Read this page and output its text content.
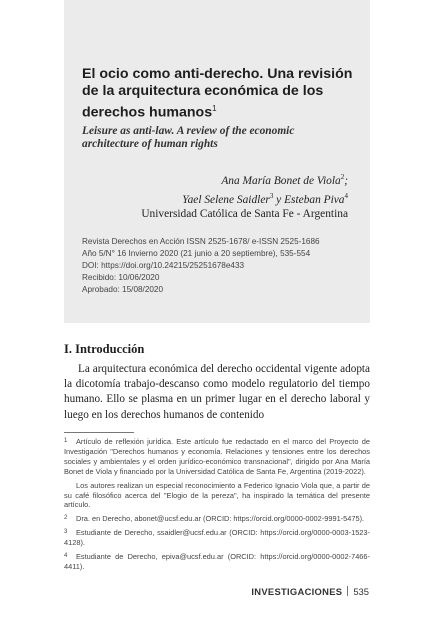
El ocio como anti-derecho. Una revisión de la arquitectura económica de los derechos humanos$^1$

Leisure as anti-law. A review of the economic architecture of human rights

Ana María Bonet de Viola$^2$;
Yael Selene Saidler$^3$ y Esteban Piva$^4$
Universidad Católica de Santa Fe - Argentina
Revista Derechos en Acción ISSN 2525-1678/ e-ISSN 2525-1686
Año 5/N° 16 Invierno 2020 (21 junio a 20 septiembre), 535-554
DOI: https://doi.org/10.24215/25251678e433
Recibido: 10/06/2020
Aprobado: 15/08/2020
I. Introducción

La arquitectura económica del derecho occidental vigente adopta la dicotomía trabajo-descanso como modelo regulatorio del tiempo humano. Ello se plasma en un primer lugar en el derecho laboral y luego en los derechos humanos de contenido

1 Artículo de reflexión jurídica. Este artículo fue redactado en el marco del Proyecto de Investigación "Derechos humanos y economía. Relaciones y tensiones entre los derechos sociales y ambientales y el orden jurídico-económico transnacional", dirigido por Ana María Bonet de Viola y financiado por la Universidad Católica de Santa Fe, Argentina (2019-2022).

Los autores realizan un especial reconocimiento a Federico Ignacio Viola que, a partir de su café filosófico acerca del "Elogio de la pereza", ha inspirado la temática del presente artículo.

2 Dra. en Derecho, abonet@ucsf.edu.ar (ORCID: https://orcid.org/0000-0002-9991-5475).

3 Estudiante de Derecho, ssaidler@ucsf.edu.ar (ORCID: https://orcid.org/0000-0003-1523-4128).

4 Estudiante de Derecho, epiva@ucsf.edu.ar (ORCID: https://orcid.org/0000-0002-7466-4411).

INVESTIGACIONES 535
